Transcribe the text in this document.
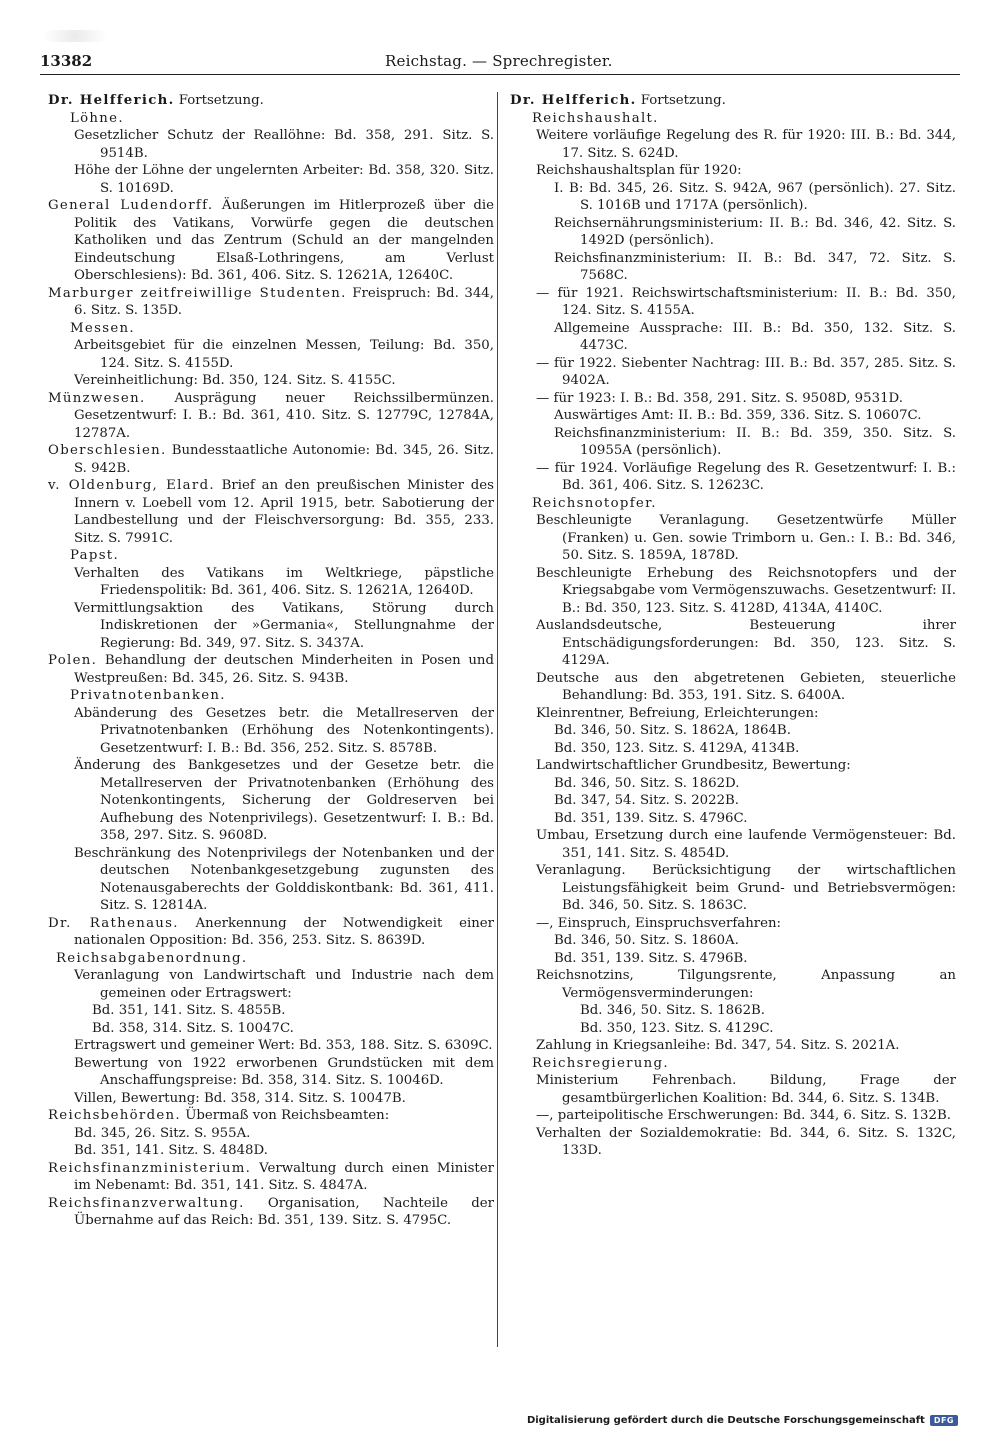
13382	Reichstag. — Sprechregister.

Dr. Helfferich. Fortsetzung.

Löhne.

Gesetzlicher Schutz der Reallöhne: Bd. 358, 291. Sitz. S. 9514B.

Höhe der Löhne der ungelernten Arbeiter: Bd. 358, 320. Sitz. S. 10169D.

General Ludendorff. Äußerungen im Hitlerprozeß über die Politik des Vatikans, Vorwürfe gegen die deutschen Katholiken und das Zentrum (Schuld an der mangelnden Eindeutschung Elsaß-Lothringens, am Verlust Oberschlesiens): Bd. 361, 406. Sitz. S. 12621A, 12640C.

Marburger zeitfreiwillige Studenten. Freispruch: Bd. 344, 6. Sitz. S. 135D.

Messen.

Arbeitsgebiet für die einzelnen Messen, Teilung: Bd. 350, 124. Sitz. S. 4155D.

Vereinheitlichung: Bd. 350, 124. Sitz. S. 4155C.

Münzwesen. Ausprägung neuer Reichssilbermünzen. Gesetzentwurf: I. B.: Bd. 361, 410. Sitz. S. 12779C, 12784A, 12787A.

Oberschlesien. Bundesstaatliche Autonomie: Bd. 345, 26. Sitz. S. 942B.

v. Oldenburg, Elard. Brief an den preußischen Minister des Innern v. Loebell vom 12. April 1915, betr. Sabotierung der Landbestellung und der Fleischversorgung: Bd. 355, 233. Sitz. S. 7991C.

Papst.

Verhalten des Vatikans im Weltkriege, päpstliche Friedenspolitik: Bd. 361, 406. Sitz. S. 12621A, 12640D.

Vermittlungsaktion des Vatikans, Störung durch Indiskretionen der »Germania«, Stellungnahme der Regierung: Bd. 349, 97. Sitz. S. 3437A.

Polen. Behandlung der deutschen Minderheiten in Posen und Westpreußen: Bd. 345, 26. Sitz. S. 943B.

Privatnotenbanken.

Abänderung des Gesetzes betr. die Metallreserven der Privatnotenbanken (Erhöhung des Notenkontingents). Gesetzentwurf: I. B.: Bd. 356, 252. Sitz. S. 8578B.

Änderung des Bankgesetzes und der Gesetze betr. die Metallreserven der Privatnotenbanken (Erhöhung des Notenkontingents, Sicherung der Goldreserven bei Aufhebung des Notenprivilegs). Gesetzentwurf: I. B.: Bd. 358, 297. Sitz. S. 9608D.

Beschränkung des Notenprivilegs der Notenbanken und der deutschen Notenbankgesetzgebung zugunsten des Notenausgaberechts der Golddiskontbank: Bd. 361, 411. Sitz. S. 12814A.

Dr. Rathenaus. Anerkennung der Notwendigkeit einer nationalen Opposition: Bd. 356, 253. Sitz. S. 8639D.

Reichsabgabenordnung.

Veranlagung von Landwirtschaft und Industrie nach dem gemeinen oder Ertragswert:

Bd. 351, 141. Sitz. S. 4855B.

Bd. 358, 314. Sitz. S. 10047C.

Ertragswert und gemeiner Wert: Bd. 353, 188. Sitz. S. 6309C.

Bewertung von 1922 erworbenen Grundstücken mit dem Anschaffungspreise: Bd. 358, 314. Sitz. S. 10046D.

Villen, Bewertung: Bd. 358, 314. Sitz. S. 10047B.

Reichsbehörden. Übermaß von Reichsbeamten:

Bd. 345, 26. Sitz. S. 955A.

Bd. 351, 141. Sitz. S. 4848D.

Reichsfinanzministerium. Verwaltung durch einen Minister im Nebenamt: Bd. 351, 141. Sitz. S. 4847A.

Reichsfinanzverwaltung. Organisation, Nachteile der Übernahme auf das Reich: Bd. 351, 139. Sitz. S. 4795C.

Dr. Helfferich. Fortsetzung.

Reichshaushalt.

Weitere vorläufige Regelung des R. für 1920: III. B.: Bd. 344, 17. Sitz. S. 624D.

Reichshaushaltsplan für 1920:

I. B: Bd. 345, 26. Sitz. S. 942A, 967 (persönlich). 27. Sitz. S. 1016B und 1717A (persönlich).

Reichsernährungsministerium: II. B.: Bd. 346, 42. Sitz. S. 1492D (persönlich).

Reichsfinanzministerium: II. B.: Bd. 347, 72. Sitz. S. 7568C.

— für 1921. Reichswirtschaftsministerium: II. B.: Bd. 350, 124. Sitz. S. 4155A.

Allgemeine Aussprache: III. B.: Bd. 350, 132. Sitz. S. 4473C.

— für 1922. Siebenter Nachtrag: III. B.: Bd. 357, 285. Sitz. S. 9402A.

— für 1923: I. B.: Bd. 358, 291. Sitz. S. 9508D, 9531D.

Auswärtiges Amt: II. B.: Bd. 359, 336. Sitz. S. 10607C.

Reichsfinanzministerium: II. B.: Bd. 359, 350. Sitz. S. 10955A (persönlich).

— für 1924. Vorläufige Regelung des R. Gesetzentwurf: I. B.: Bd. 361, 406. Sitz. S. 12623C.

Reichsnotopfer.

Beschleunigte Veranlagung. Gesetzentwürfe Müller (Franken) u. Gen. sowie Trimborn u. Gen.: I. B.: Bd. 346, 50. Sitz. S. 1859A, 1878D.

Beschleunigte Erhebung des Reichsnotopfers und der Kriegsabgabe vom Vermögenszuwachs. Gesetzentwurf: II. B.: Bd. 350, 123. Sitz. S. 4128D, 4134A, 4140C.

Auslandsdeutsche, Besteuerung ihrer Entschädigungsforderungen: Bd. 350, 123. Sitz. S. 4129A.

Deutsche aus den abgetretenen Gebieten, steuerliche Behandlung: Bd. 353, 191. Sitz. S. 6400A.

Kleinrentner, Befreiung, Erleichterungen:

Bd. 346, 50. Sitz. S. 1862A, 1864B.

Bd. 350, 123. Sitz. S. 4129A, 4134B.

Landwirtschaftlicher Grundbesitz, Bewertung:

Bd. 346, 50. Sitz. S. 1862D.

Bd. 347, 54. Sitz. S. 2022B.

Bd. 351, 139. Sitz. S. 4796C.

Umbau, Ersetzung durch eine laufende Vermögensteuer: Bd. 351, 141. Sitz. S. 4854D.

Veranlagung. Berücksichtigung der wirtschaftlichen Leistungsfähigkeit beim Grund- und Betriebsvermögen: Bd. 346, 50. Sitz. S. 1863C.

—, Einspruch, Einspruchsverfahren:

Bd. 346, 50. Sitz. S. 1860A.

Bd. 351, 139. Sitz. S. 4796B.

Reichsnotzins, Tilgungsrente, Anpassung an Vermögensverminderungen:

Bd. 346, 50. Sitz. S. 1862B.

Bd. 350, 123. Sitz. S. 4129C.

Zahlung in Kriegsanleihe: Bd. 347, 54. Sitz. S. 2021A.

Reichsregierung.

Ministerium Fehrenbach. Bildung, Frage der gesamtbürgerlichen Koalition: Bd. 344, 6. Sitz. S. 134B.

—, parteipolitische Erschwerungen: Bd. 344, 6. Sitz. S. 132B.

Verhalten der Sozialdemokratie: Bd. 344, 6. Sitz. S. 132C, 133D.

Digitalisierung gefördert durch die Deutsche Forschungsgemeinschaft	DFG
